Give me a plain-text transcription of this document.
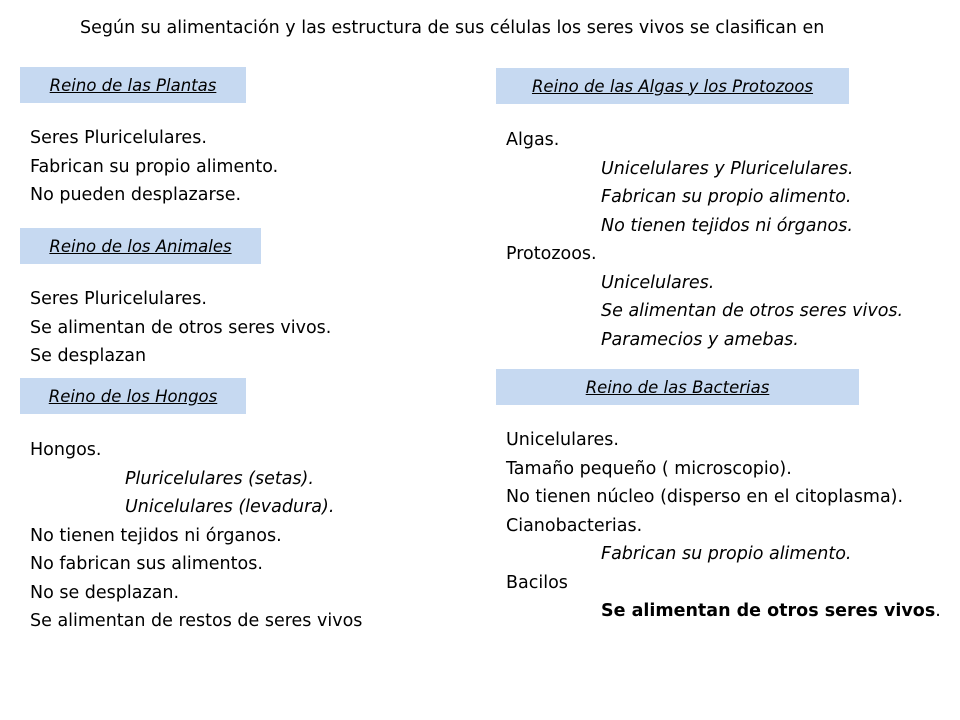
Según su alimentación y las estructura de sus células los seres vivos se clasifican en
Reino de las Plantas
Seres Pluricelulares.
Fabrican su propio alimento.
No pueden desplazarse.
Reino de los Animales
Seres Pluricelulares.
Se alimentan de otros seres vivos.
Se desplazan
Reino de los Hongos
Hongos.
Pluricelulares (setas).
Unicelulares (levadura).
No tienen tejidos ni órganos.
No fabrican sus alimentos.
No se desplazan.
Se alimentan de restos de seres vivos
Reino de las Algas y los Protozoos
Algas.
Unicelulares y Pluricelulares.
Fabrican su propio alimento.
No tienen tejidos ni órganos.
Protozoos.
Unicelulares.
Se alimentan de otros seres vivos.
Paramecios y amebas.
Reino de las Bacterias
Unicelulares.
Tamaño pequeño ( microscopio).
No tienen núcleo (disperso en el citoplasma).
Cianobacterias.
Fabrican su propio alimento.
Bacilos
Se alimentan de otros seres vivos.
